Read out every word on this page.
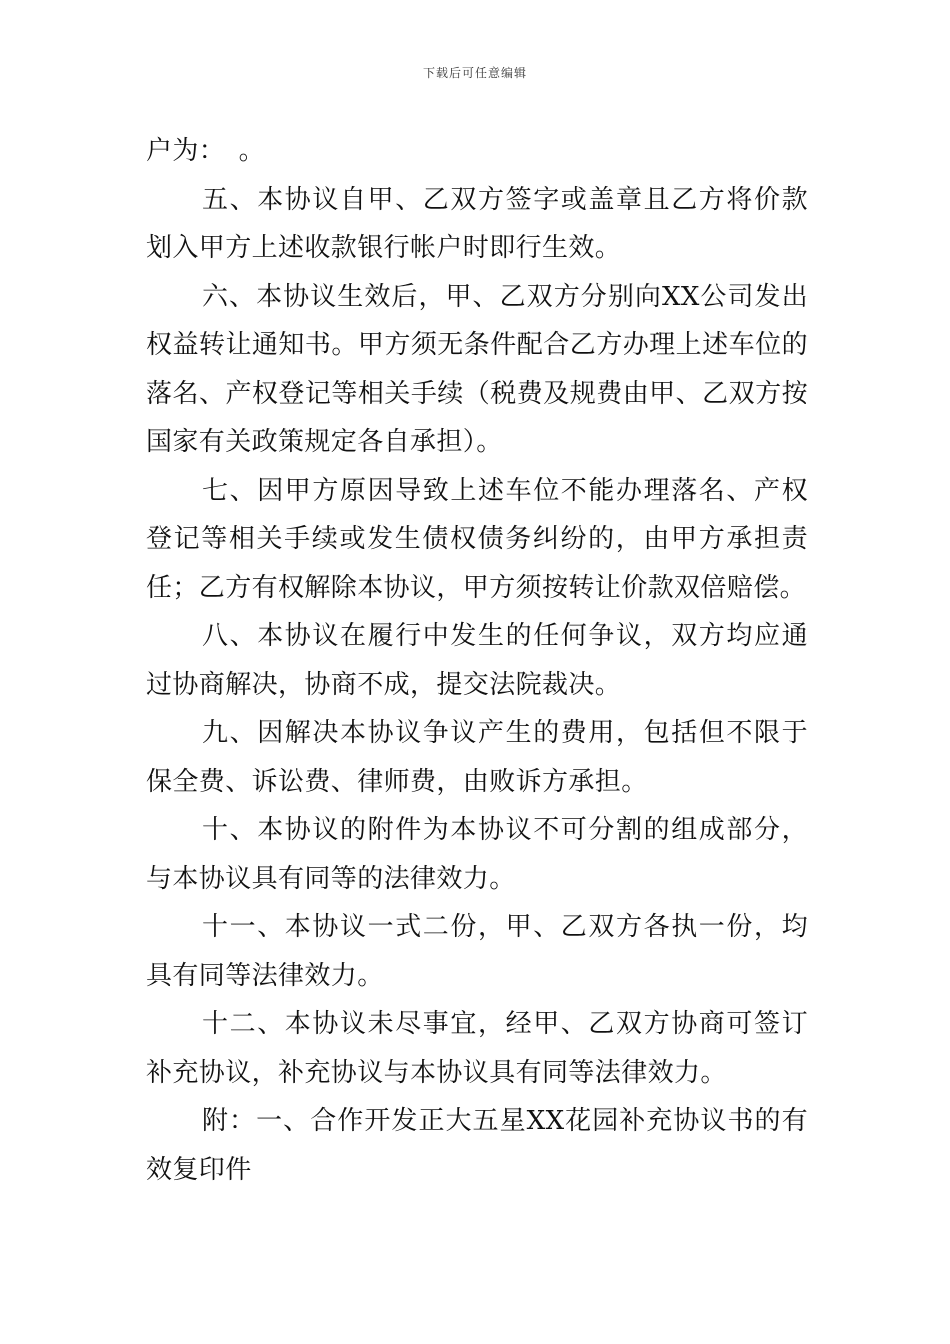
下载后可任意编辑

户为：　。

五、本协议自甲、乙双方签字或盖章且乙方将价款划入甲方上述收款银行帐户时即行生效。

六、本协议生效后，甲、乙双方分别向XX公司发出权益转让通知书。甲方须无条件配合乙方办理上述车位的落名、产权登记等相关手续（税费及规费由甲、乙双方按国家有关政策规定各自承担）。

七、因甲方原因导致上述车位不能办理落名、产权登记等相关手续或发生债权债务纠纷的，由甲方承担责任；乙方有权解除本协议，甲方须按转让价款双倍赔偿。

八、本协议在履行中发生的任何争议，双方均应通过协商解决，协商不成，提交法院裁决。

九、因解决本协议争议产生的费用，包括但不限于保全费、诉讼费、律师费，由败诉方承担。

十、本协议的附件为本协议不可分割的组成部分，与本协议具有同等的法律效力。

十一、本协议一式二份，甲、乙双方各执一份，均具有同等法律效力。

十二、本协议未尽事宜，经甲、乙双方协商可签订补充协议，补充协议与本协议具有同等法律效力。

附：一、合作开发正大五星XX花园补充协议书的有效复印件
